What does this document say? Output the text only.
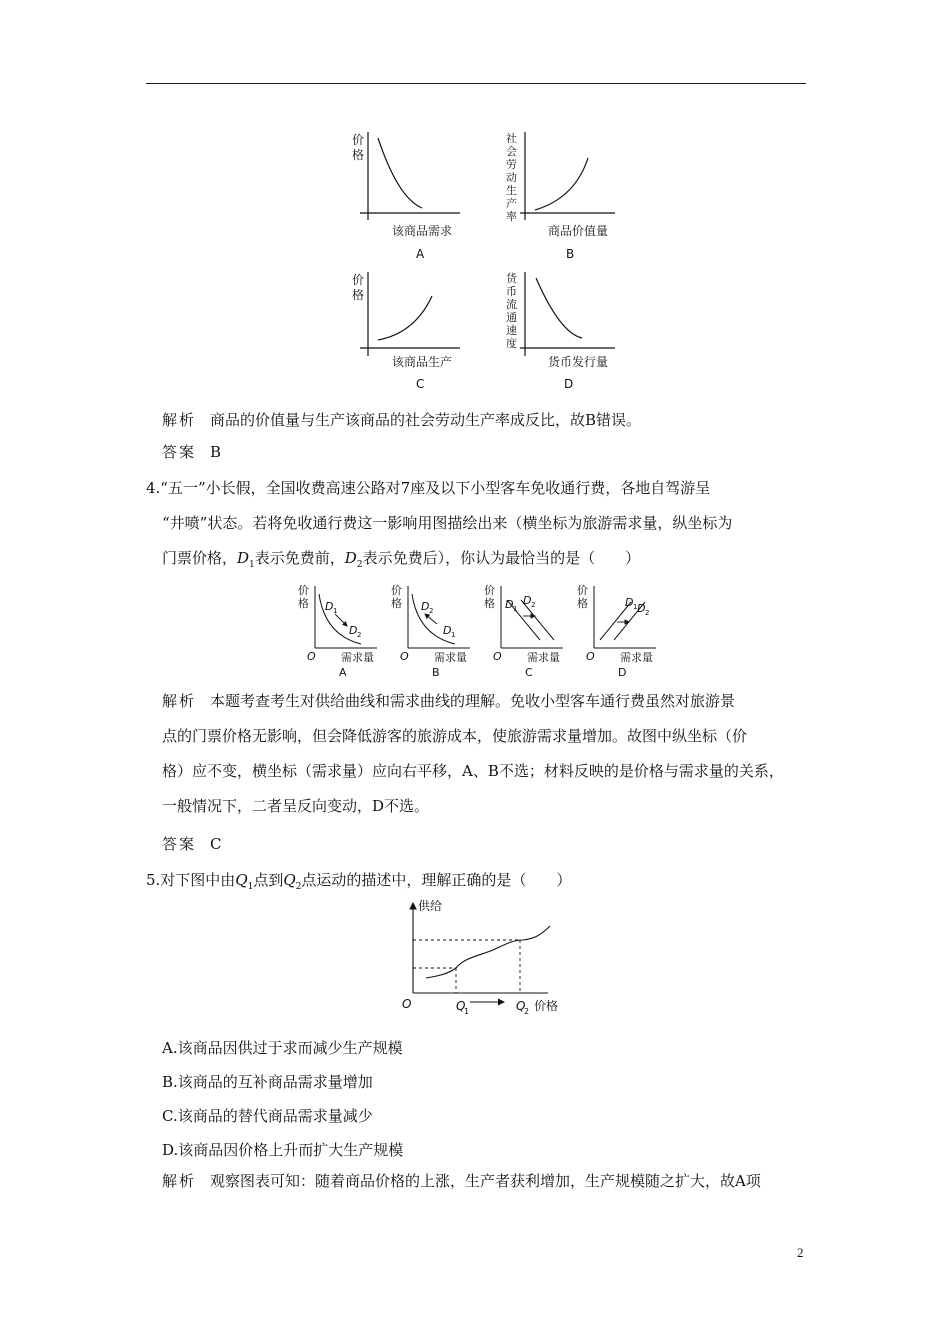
价
格
该商品需求
A
社
会
劳
动
生
产
率
商品价值量
B
价
格
该商品生产
C
货
币
流
通
速
度
货币发行量
D
解析 商品的价值量与生产该商品的社会劳动生产率成反比，故B错误。
答案 B
4.“五一”小长假，全国收费高速公路对7座及以下小型客车免收通行费，各地自驾游呈
“井喷”状态。若将免收通行费这一影响用图描绘出来（横坐标为旅游需求量，纵坐标为
门票价格，$D_1$表示免费前，$D_2$表示免费后），你认为最恰当的是（　　）
价
格 D 1
D 2
O 需求量
A
价
格 D 2
D 1
O 需求量
B
价
格 D 1
D 2
O 需求量
C
价
格	D 1 D 2
O 需求量
D
解析 本题考查考生对供给曲线和需求曲线的理解。免收小型客车通行费虽然对旅游景
点的门票价格无影响，但会降低游客的旅游成本，使旅游需求量增加。故图中纵坐标（价
格）应不变，横坐标（需求量）应向右平移，A、B不选；材料反映的是价格与需求量的关系，
一般情况下，二者呈反向变动，D不选。
答案 C
5.对下图中由$Q_1$点到$Q_2$点运动的描述中，理解正确的是（　　）
供给
O	Q
1	Q
2 价格
A.该商品因供过于求而减少生产规模
B.该商品的互补商品需求量增加
C.该商品的替代商品需求量减少
D.该商品因价格上升而扩大生产规模
解析 观察图表可知：随着商品价格的上涨，生产者获利增加，生产规模随之扩大，故A项
2
